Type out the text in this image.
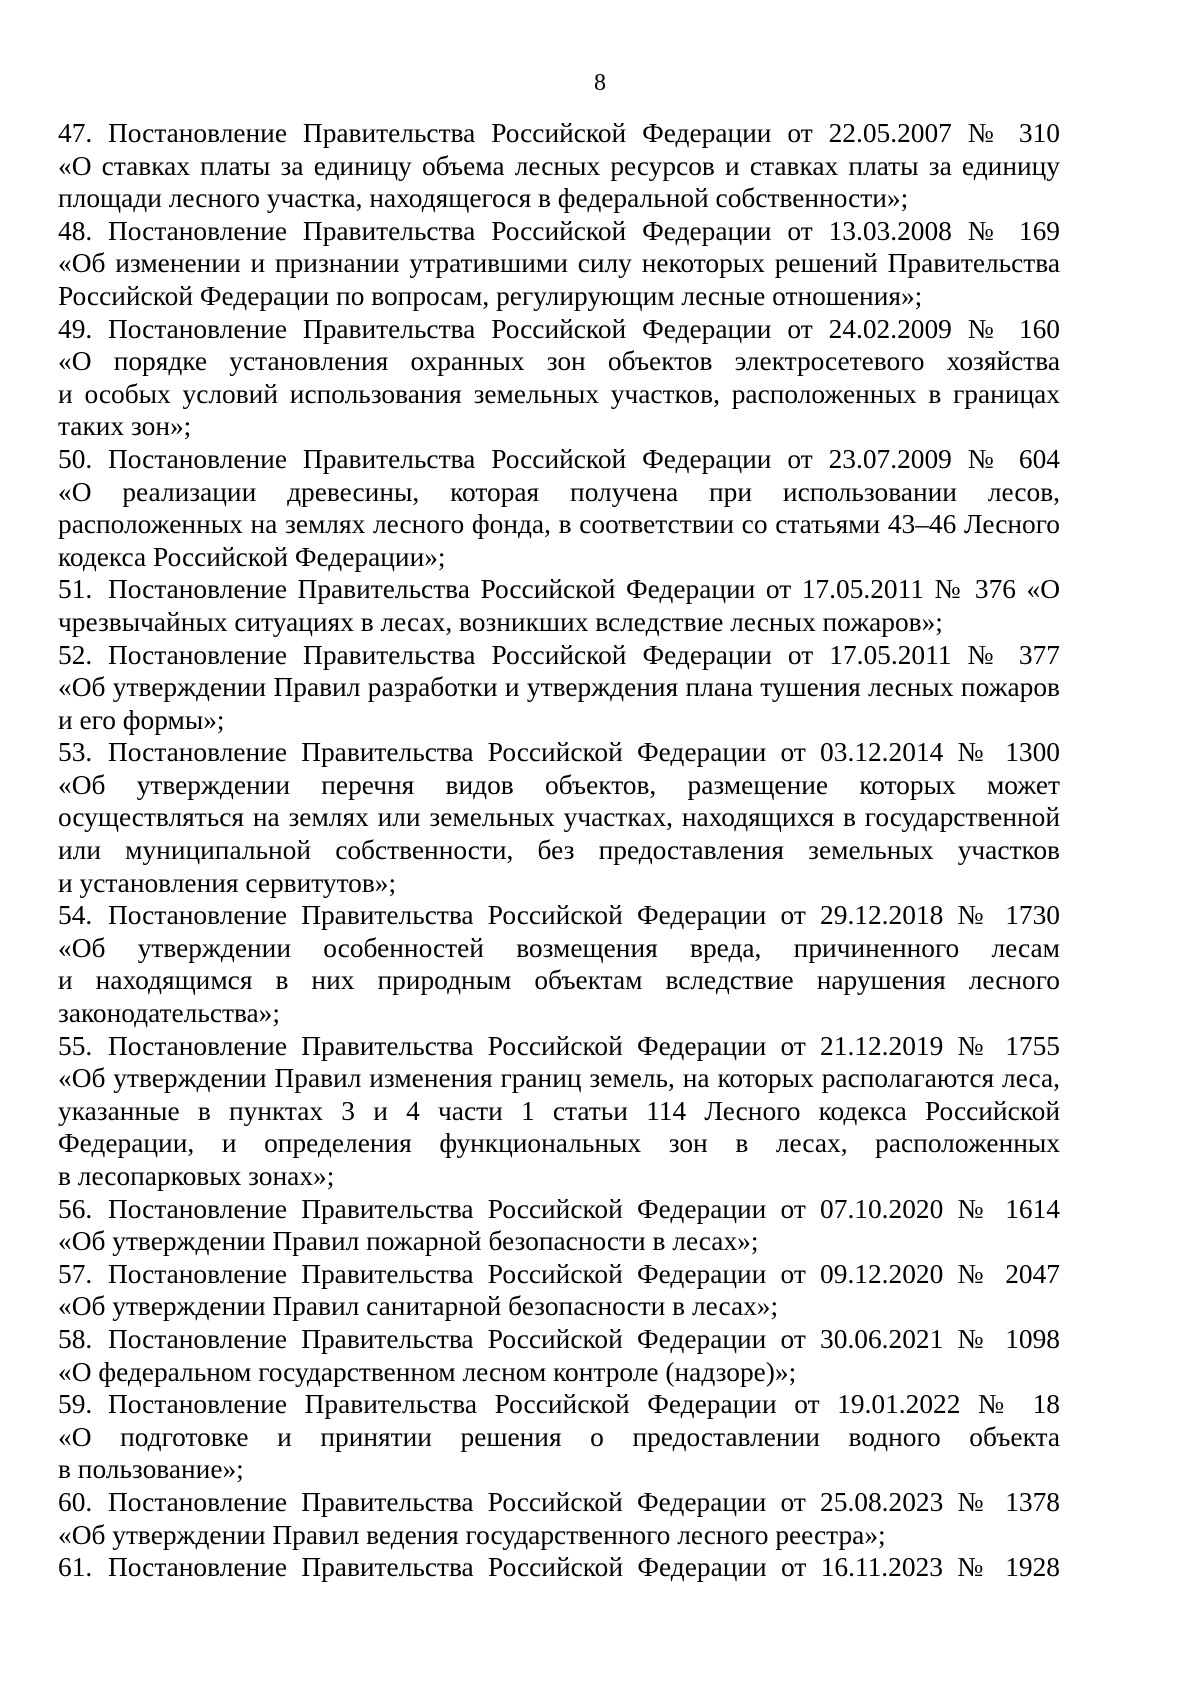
8
47. Постановление Правительства Российской Федерации от 22.05.2007 № 310
«О ставках платы за единицу объема лесных ресурсов и ставках платы за единицу
площади лесного участка, находящегося в федеральной собственности»;
48. Постановление Правительства Российской Федерации от 13.03.2008 № 169
«Об изменении и признании утратившими силу некоторых решений Правительства
Российской Федерации по вопросам, регулирующим лесные отношения»;
49. Постановление Правительства Российской Федерации от 24.02.2009 № 160
«О порядке установления охранных зон объектов электросетевого хозяйства
и особых условий использования земельных участков, расположенных в границах
таких зон»;
50. Постановление Правительства Российской Федерации от 23.07.2009 № 604
«О реализации древесины, которая получена при использовании лесов,
расположенных на землях лесного фонда, в соответствии со статьями 43–46 Лесного
кодекса Российской Федерации»;
51. Постановление Правительства Российской Федерации от 17.05.2011 № 376 «О
чрезвычайных ситуациях в лесах, возникших вследствие лесных пожаров»;
52. Постановление Правительства Российской Федерации от 17.05.2011 № 377
«Об утверждении Правил разработки и утверждения плана тушения лесных пожаров
и его формы»;
53. Постановление Правительства Российской Федерации от 03.12.2014 № 1300
«Об утверждении перечня видов объектов, размещение которых может
осуществляться на землях или земельных участках, находящихся в государственной
или муниципальной собственности, без предоставления земельных участков
и установления сервитутов»;
54. Постановление Правительства Российской Федерации от 29.12.2018 № 1730
«Об утверждении особенностей возмещения вреда, причиненного лесам
и находящимся в них природным объектам вследствие нарушения лесного
законодательства»;
55. Постановление Правительства Российской Федерации от 21.12.2019 № 1755
«Об утверждении Правил изменения границ земель, на которых располагаются леса,
указанные в пунктах 3 и 4 части 1 статьи 114 Лесного кодекса Российской
Федерации, и определения функциональных зон в лесах, расположенных
в лесопарковых зонах»;
56. Постановление Правительства Российской Федерации от 07.10.2020 № 1614
«Об утверждении Правил пожарной безопасности в лесах»;
57. Постановление Правительства Российской Федерации от 09.12.2020 № 2047
«Об утверждении Правил санитарной безопасности в лесах»;
58. Постановление Правительства Российской Федерации от 30.06.2021 № 1098
«О федеральном государственном лесном контроле (надзоре)»;
59. Постановление Правительства Российской Федерации от 19.01.2022 № 18
«О подготовке и принятии решения о предоставлении водного объекта
в пользование»;
60. Постановление Правительства Российской Федерации от 25.08.2023 № 1378
«Об утверждении Правил ведения государственного лесного реестра»;
61. Постановление Правительства Российской Федерации от 16.11.2023 № 1928
